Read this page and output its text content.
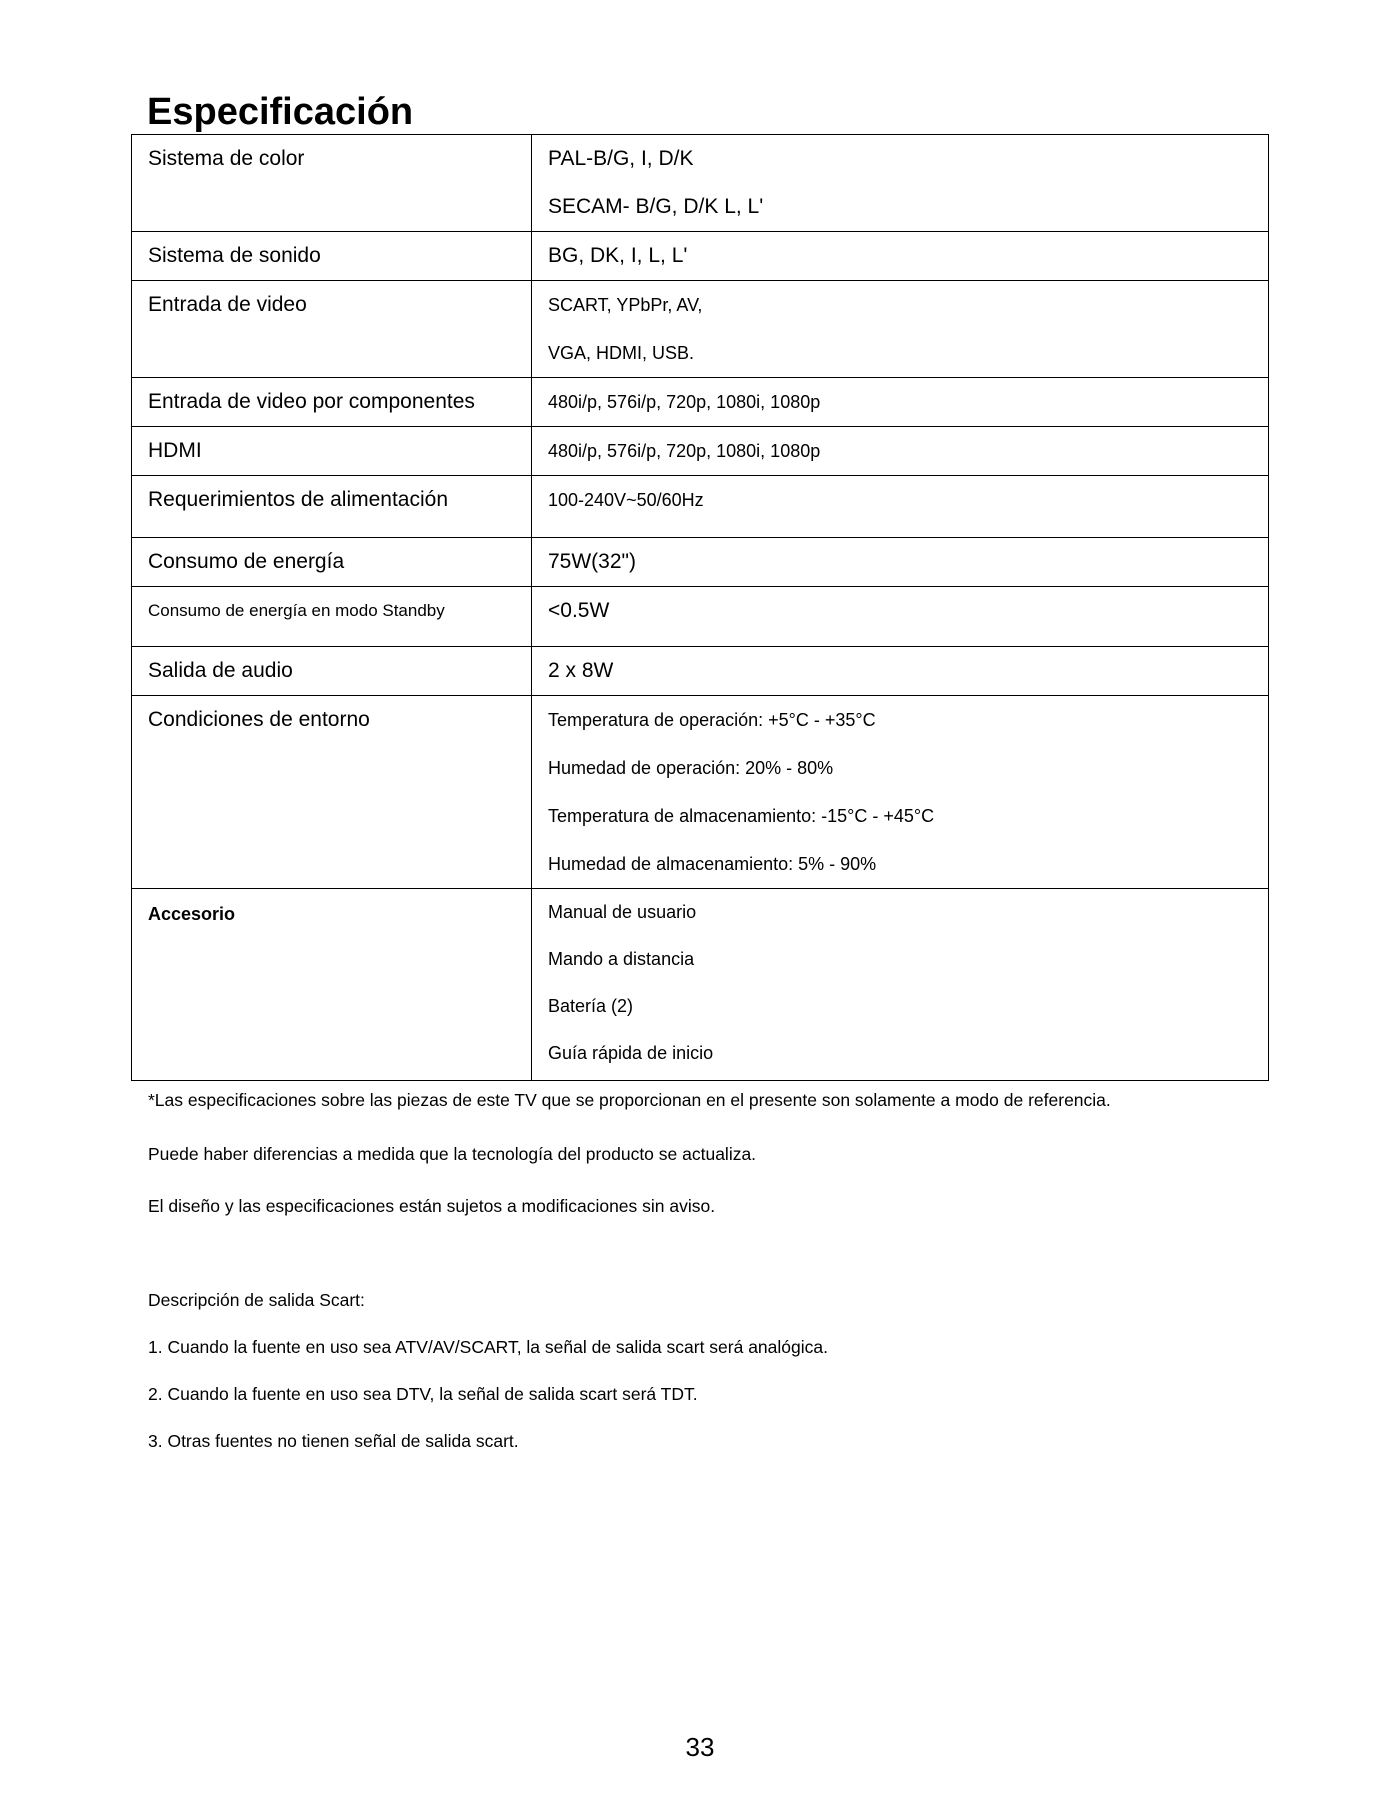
Especificación
Sistema de color	PAL-B/G, I, D/K
SECAM- B/G, D/K L, L'

Sistema de sonido	BG, DK, I, L, L'

Entrada de video	SCART, YPbPr, AV,
VGA, HDMI, USB.

Entrada de video por componentes	480i/p, 576i/p, 720p, 1080i, 1080p

HDMI	480i/p, 576i/p, 720p, 1080i, 1080p

Requerimientos de alimentación	100-240V~50/60Hz

Consumo de energía	75W(32")

Consumo de energía en modo Standby	<0.5W

Salida de audio	2 x 8W

Condiciones de entorno	Temperatura de operación: +5°C - +35°C
Humedad de operación: 20% - 80%
Temperatura de almacenamiento: -15°C - +45°C
Humedad de almacenamiento: 5% - 90%

Accesorio	Manual de usuario
Mando a distancia
Batería (2)
Guía rápida de inicio

*Las especificaciones sobre las piezas de este TV que se proporcionan en el presente son solamente a modo de referencia.

Puede haber diferencias a medida que la tecnología del producto se actualiza.

El diseño y las especificaciones están sujetos a modificaciones sin aviso.

Descripción de salida Scart:

1. Cuando la fuente en uso sea ATV/AV/SCART, la señal de salida scart será analógica.

2. Cuando la fuente en uso sea DTV, la señal de salida scart será TDT.

3. Otras fuentes no tienen señal de salida scart.

33
